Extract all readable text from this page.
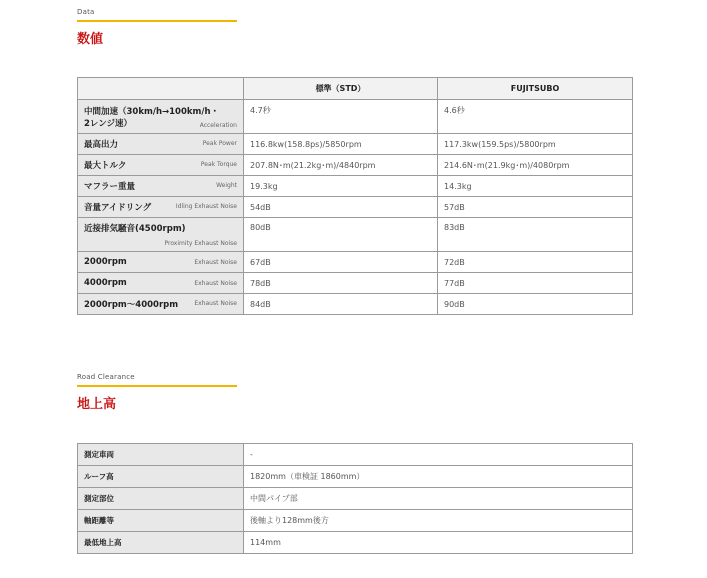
Data
数値
	標準（STD）	FUJITSUBO

中間加速（30km/h→100km/h・
2レンジ速） Acceleration	4.7秒	4.6秒
最高出力 Peak Power	116.8kw(158.8ps)/5850rpm	117.3kw(159.5ps)/5800rpm
最大トルク Peak Torque	207.8N･m(21.2kg･m)/4840rpm	214.6N･m(21.9kg･m)/4080rpm
マフラー重量 Weight	19.3kg	14.3kg
音量アイドリング Idling Exhaust Noise	54dB	57dB

近接排気騒音(4500rpm)
Proximity Exhaust Noise	80dB	83dB
2000rpm Exhaust Noise	67dB	72dB
4000rpm Exhaust Noise	78dB	77dB
2000rpm～4000rpm Exhaust Noise	84dB	90dB
Road Clearance
地上高
測定車両	-
ルーフ高	1820mm（車検証 1860mm）
測定部位	中間パイプ部
軸距離等	後軸より128mm後方
最低地上高	114mm
